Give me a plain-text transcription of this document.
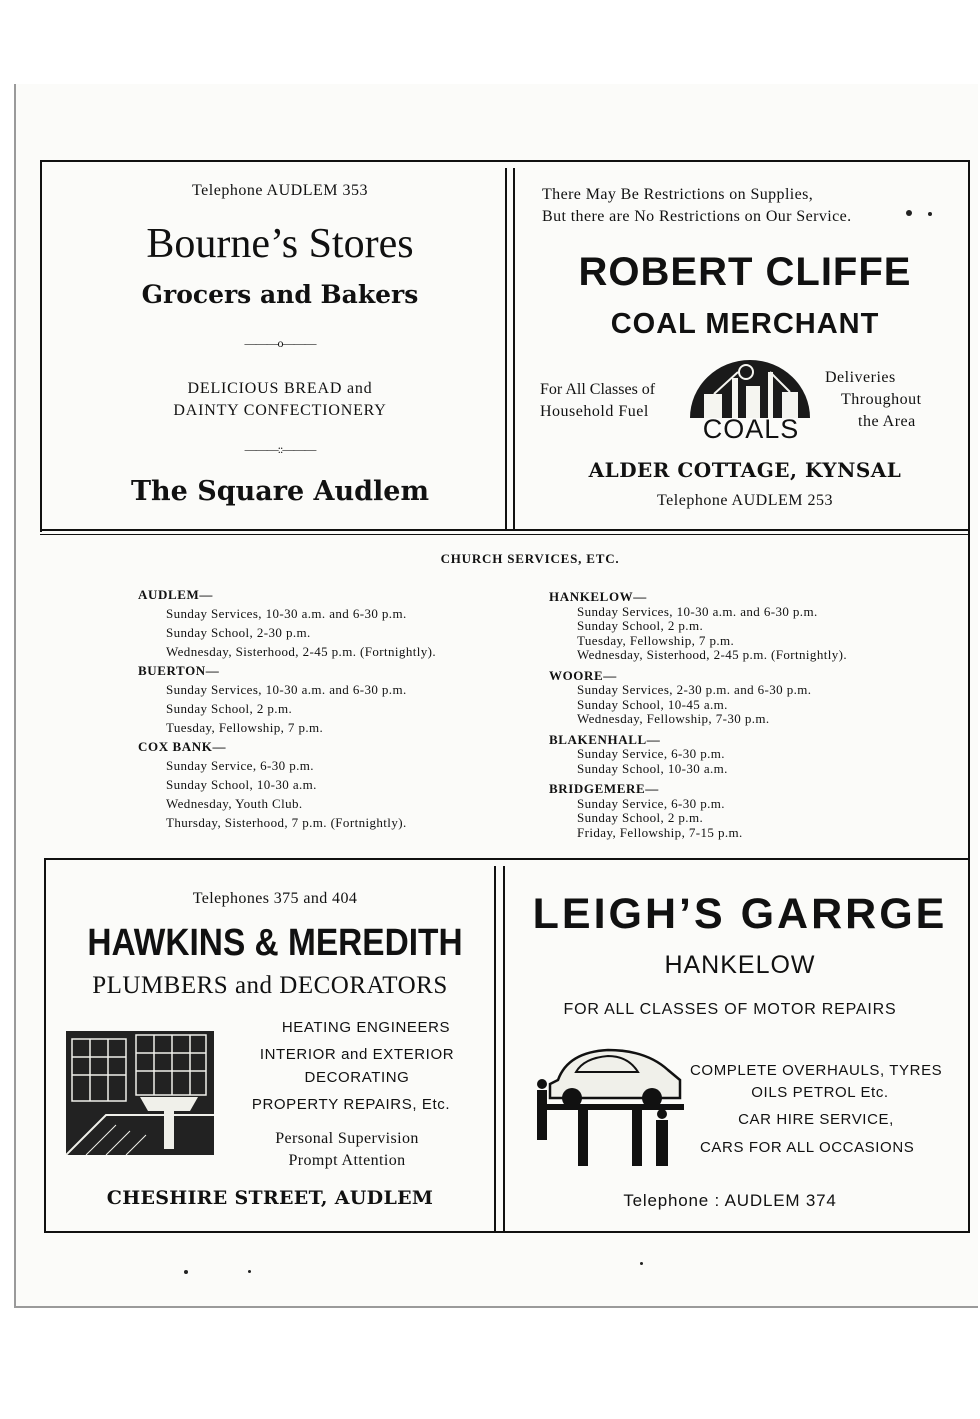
Telephone AUDLEM 353
Bourne’s Stores
Grocers and Bakers
———o———
DELICIOUS BREAD and
DAINTY CONFECTIONERY
———::———
The Square Audlem
There May Be Restrictions on Supplies,
But there are No Restrictions on Our Service.
ROBERT CLIFFE
COAL MERCHANT
For All Classes of
Household Fuel
Deliveries
Throughout
the Area
COALS
ALDER COTTAGE, KYNSAL
Telephone AUDLEM 253
CHURCH SERVICES, ETC.
AUDLEM—
Sunday Services, 10-30 a.m. and 6-30 p.m.
Sunday School, 2-30 p.m.
Wednesday, Sisterhood, 2-45 p.m. (Fortnightly).
BUERTON—
Sunday Services, 10-30 a.m. and 6-30 p.m.
Sunday School, 2 p.m.
Tuesday, Fellowship, 7 p.m.
COX BANK—
Sunday Service, 6-30 p.m.
Sunday School, 10-30 a.m.
Wednesday, Youth Club.
Thursday, Sisterhood, 7 p.m. (Fortnightly).
HANKELOW—
Sunday Services, 10-30 a.m. and 6-30 p.m.
Sunday School, 2 p.m.
Tuesday, Fellowship, 7 p.m.
Wednesday, Sisterhood, 2-45 p.m. (Fortnightly).
WOORE—
Sunday Services, 2-30 p.m. and 6-30 p.m.
Sunday School, 10-45 a.m.
Wednesday, Fellowship, 7-30 p.m.
BLAKENHALL—
Sunday Service, 6-30 p.m.
Sunday School, 10-30 a.m.
BRIDGEMERE—
Sunday Service, 6-30 p.m.
Sunday School, 2 p.m.
Friday, Fellowship, 7-15 p.m.
Telephones 375 and 404
HAWKINS & MEREDITH
PLUMBERS and DECORATORS
HEATING ENGINEERS
INTERIOR and EXTERIOR
DECORATING
PROPERTY REPAIRS, Etc.
Personal Supervision
Prompt Attention
CHESHIRE STREET, AUDLEM
LEIGH’S GARRGE
HANKELOW
FOR ALL CLASSES OF MOTOR REPAIRS
COMPLETE OVERHAULS, TYRES
OILS PETROL Etc.
CAR HIRE SERVICE,
CARS FOR ALL OCCASIONS
Telephone : AUDLEM 374
